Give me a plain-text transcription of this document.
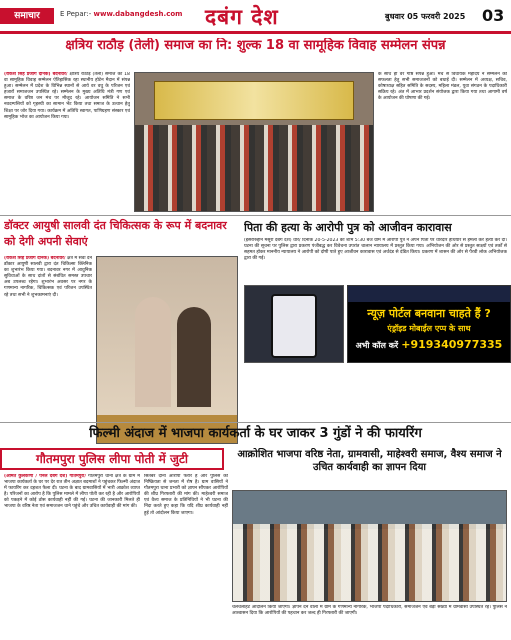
समाचार	E Pepar:- www.dabangdesh.com दबंग देश	बुधवार 05 फरवरी 2025 03
क्षत्रिय राठौड़ (तेली) समाज का नि: शुल्क 18 वा सामूहिक विवाह सम्मेलन संपन्न
(राकेश सिंह प्रजाग दैनिक) बदनावर/ क्षत्रिय राठौड़ (तेली) समाज का 18 वा सामूहिक विवाह सम्मेलन ऐतिहासिक रहा स्थानीय होटेन मैदान में संपन्न हुआ। सम्मेलन में प्रदेश के विभिन्न स्थानों से आये वर वधु के परिजन एवं हजारों समाजजन उपस्थित रहे। सम्मेलन के मुख्य अतिथि मंत्री गण एवं समाज के वरिष्ठ जन मंच पर मौजूद रहे। आयोजन समिति ने सभी नवदम्पत्तियों को गृहस्थी का सामान भेंट किया तथा समाज के उत्थान हेतु शिक्षा पर जोर दिया गया। कार्यक्रम में अतिथि स्वागत, पाणिग्रहण संस्कार एवं सामूहिक भोज का आयोजन किया गया।
के साथ ही वर गोष्ठ संपन्न हुआ। मंच से विधायक महोदय ने सम्मेलन की सफलता हेतु सभी समाजजनों को बधाई दी। सम्मेलन में अध्यक्ष, सचिव, कोषाध्यक्ष सहित समिति के सदस्य, महिला मंडल, युवा संगठन के पदाधिकारी सक्रिय रहे। अंत में आभार प्रदर्शन संयोजक द्वारा किया गया तथा आगामी वर्ष के आयोजन की घोषणा की गई।
डॉक्टर आयुषी सालवी दंत चिकित्सक के रूप में बदनावर को देगी अपनी सेवाएं
(राकेश सिंह प्रजाग दैनिक) बदनावर/ क्षेत्र में सेवा देने डॉक्टर आयुषी सालवी द्वारा दंत चिकित्सा क्लिनिक का शुभारंभ किया गया। बदनावर नगर में आधुनिक सुविधाओं के साथ दांतों से संबंधित समस्त उपचार अब उपलब्ध रहेगा। शुभारंभ अवसर पर नगर के गणमान्य नागरिक, चिकित्सक एवं परिजन उपस्थित रहे तथा सभी ने शुभकामनाएं दी।
पिता की हत्या के आरोपी पुत्र को आजीवन कारावास
(इसरारुद्दीन मंसूरी दबंग देश) धार/ दिनांक 20-5-2023 को शाम 5:30 बजे ग्राम में आरोपी पुत्र ने अपने पिता पर धारदार हथियार से हमला कर हत्या कर दी। घटना की सूचना पर पुलिस द्वारा प्रकरण पंजीबद्ध कर विवेचना उपरांत चालान न्यायालय में प्रस्तुत किया गया। अभियोजन की ओर से प्रस्तुत साक्ष्यों एवं तर्कों से सहमत होकर माननीय न्यायालय ने आरोपी को दोषी पाते हुए आजीवन कारावास एवं अर्थदंड से दंडित किया। प्रकरण में शासन की ओर से पैरवी लोक अभियोजक द्वारा की गई।
न्यूज़ पोर्टल बनवाना चाहते हैं ?
एंड्रॉइड मोबाईल एप्प के साथ
अभी कॉल करें +919340977335
फिल्मी अंदाज में भाजपा कार्यकर्ता के घर जाकर 3 गुंडों ने की फायरिंग
गौतमपुरा पुलिस लीपा पोती में जुटी	आक्रोशित भाजपा वरिष्ठ नेता, ग्रामवासी, माहेश्वरी समाज, वैश्य समाज ने उचित कार्यवाही का ज्ञापन दिया
(अमित कुलकर्णी / पैनल दबंग देश) गौतमपुरा/ गौतमपुरा थाना क्षेत्र के ग्राम में भाजपा कार्यकर्ता के घर पर देर रात तीन अज्ञात बदमाशों ने पहुंचकर फिल्मी अंदाज में फायरिंग कर दहशत फैला दी। घटना के बाद ग्रामवासियों में भारी आक्रोश व्याप्त है। परिजनों का आरोप है कि पुलिस मामले में लीपा पोती कर रही है और आरोपियों को पकड़ने में कोई ठोस कार्यवाही नहीं की गई। घटना की जानकारी मिलते ही भाजपा के वरिष्ठ नेता एवं समाजजन थाने पहुंचे और उचित कार्यवाही की मांग की।
सितंबर दीनों आरोपी फरार है और पुलिस की निष्क्रियता से जनता में रोष है। ग्राम वासियों ने गौतमपुरा थाना प्रभारी को ज्ञापन सौंपकर आरोपियों की शीघ्र गिरफ्तारी की मांग की। माहेश्वरी समाज एवं वैश्य समाज के प्रतिनिधियों ने भी घटना की निंदा करते हुए कहा कि यदि शीघ्र कार्यवाही नहीं हुई तो आंदोलन किया जाएगा।
चलचलाहट आंदोलन किया जाएगा। ज्ञापन देने वालों में ग्राम के गणमान्य नागरिक, भाजपा पदाधिकारी, समाजजन एवं बड़ी संख्या में ग्रामवासी उपस्थित रहे। पुलिस ने आश्वासन दिया कि आरोपियों की पहचान कर जल्द ही गिरफ्तारी की जाएगी।
